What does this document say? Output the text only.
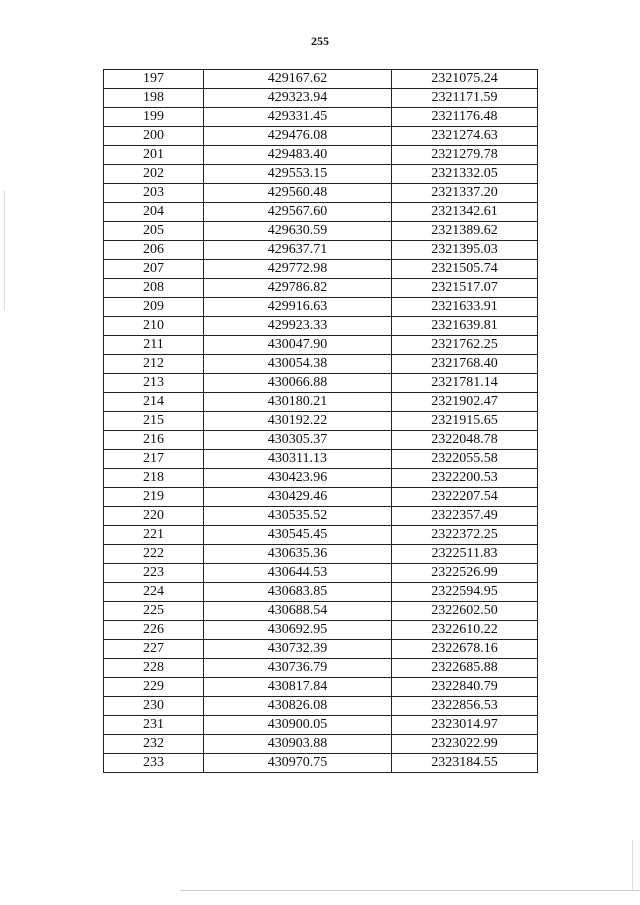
255
197	429167.62	2321075.24
198	429323.94	2321171.59
199	429331.45	2321176.48
200	429476.08	2321274.63
201	429483.40	2321279.78
202	429553.15	2321332.05
203	429560.48	2321337.20
204	429567.60	2321342.61
205	429630.59	2321389.62
206	429637.71	2321395.03
207	429772.98	2321505.74
208	429786.82	2321517.07
209	429916.63	2321633.91
210	429923.33	2321639.81
211	430047.90	2321762.25
212	430054.38	2321768.40
213	430066.88	2321781.14
214	430180.21	2321902.47
215	430192.22	2321915.65
216	430305.37	2322048.78
217	430311.13	2322055.58
218	430423.96	2322200.53
219	430429.46	2322207.54
220	430535.52	2322357.49
221	430545.45	2322372.25
222	430635.36	2322511.83
223	430644.53	2322526.99
224	430683.85	2322594.95
225	430688.54	2322602.50
226	430692.95	2322610.22
227	430732.39	2322678.16
228	430736.79	2322685.88
229	430817.84	2322840.79
230	430826.08	2322856.53
231	430900.05	2323014.97
232	430903.88	2323022.99
233	430970.75	2323184.55
